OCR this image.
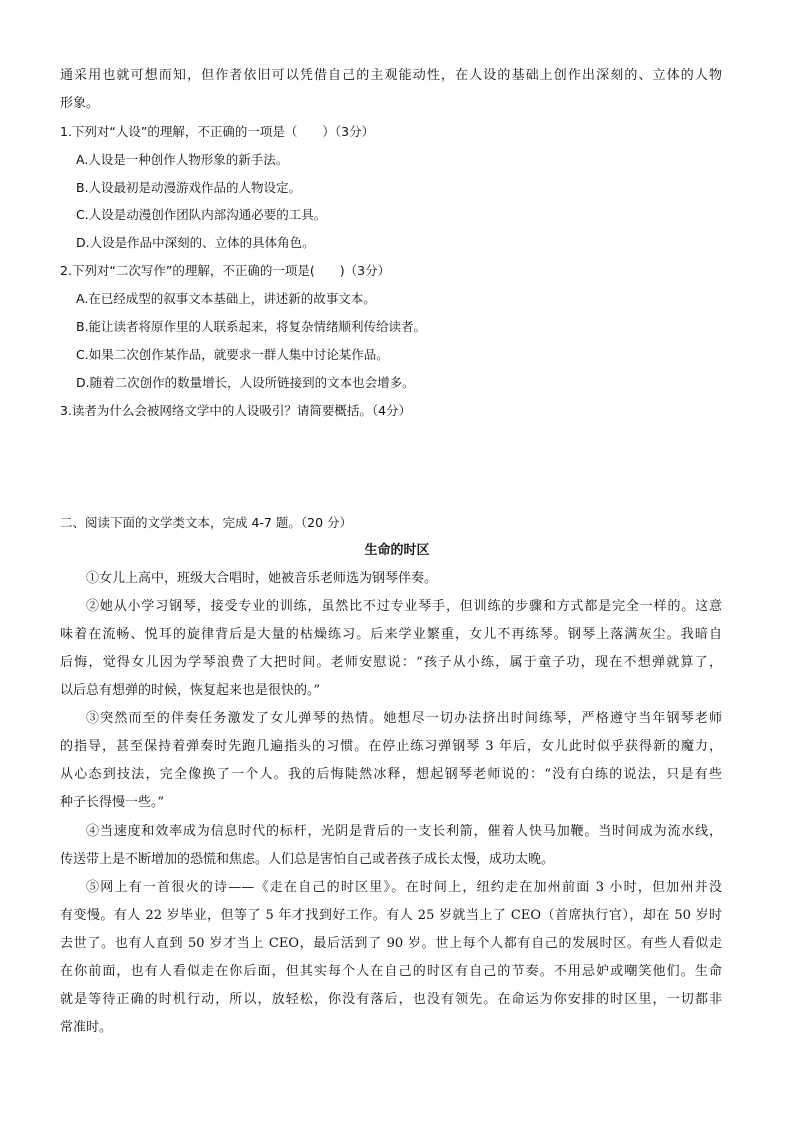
通采用也就可想而知，但作者依旧可以凭借自己的主观能动性，在人设的基础上创作出深刻的、立体的人物
形象。
1.下列对“人设”的理解，不正确的一项是（　　）（3分）
A.人设是一种创作人物形象的新手法。
B.人设最初是动漫游戏作品的人物设定。
C.人设是动漫创作团队内部沟通必要的工具。
D.人设是作品中深刻的、立体的具体角色。
2.下列对“二次写作”的理解，不正确的一项是(　　)（3分）
A.在已经成型的叙事文本基础上，讲述新的故事文本。
B.能让读者将原作里的人联系起来，将复杂情绪顺利传给读者。
C.如果二次创作某作品，就要求一群人集中讨论某作品。
D.随着二次创作的数量增长，人设所链接到的文本也会增多。
3.读者为什么会被网络文学中的人设吸引？请简要概括。（4分）
二、阅读下面的文学类文本，完成 4-7 题。（20 分）
生命的时区
①女儿上高中，班级大合唱时，她被音乐老师选为钢琴伴奏。
②她从小学习钢琴，接受专业的训练，虽然比不过专业琴手，但训练的步骤和方式都是完全一样的。这意
味着在流畅、悦耳的旋律背后是大量的枯燥练习。后来学业繁重，女儿不再练琴。钢琴上落满灰尘。我暗自
后悔，觉得女儿因为学琴浪费了大把时间。老师安慰说：“孩子从小练，属于童子功，现在不想弹就算了，
以后总有想弹的时候，恢复起来也是很快的。”
③突然而至的伴奏任务激发了女儿弹琴的热情。她想尽一切办法挤出时间练琴，严格遵守当年钢琴老师
的指导，甚至保持着弹奏时先跑几遍指头的习惯。在停止练习弹钢琴 3 年后，女儿此时似乎获得新的魔力，
从心态到技法，完全像换了一个人。我的后悔陡然冰释，想起钢琴老师说的：“没有白练的说法，只是有些
种子长得慢一些。”
④当速度和效率成为信息时代的标杆，光阴是背后的一支长利箭，催着人快马加鞭。当时间成为流水线，
传送带上是不断增加的恐慌和焦虑。人们总是害怕自己或者孩子成长太慢，成功太晚。
⑤网上有一首很火的诗——《走在自己的时区里》。在时间上，纽约走在加州前面 3 小时，但加州并没
有变慢。有人 22 岁毕业，但等了 5 年才找到好工作。有人 25 岁就当上了 CEO（首席执行官），却在 50 岁时
去世了。也有人直到 50 岁才当上 CEO，最后活到了 90 岁。世上每个人都有自己的发展时区。有些人看似走
在你前面，也有人看似走在你后面，但其实每个人在自己的时区有自己的节奏。不用忌妒或嘲笑他们。生命
就是等待正确的时机行动，所以，放轻松，你没有落后，也没有领先。在命运为你安排的时区里，一切都非
常准时。
